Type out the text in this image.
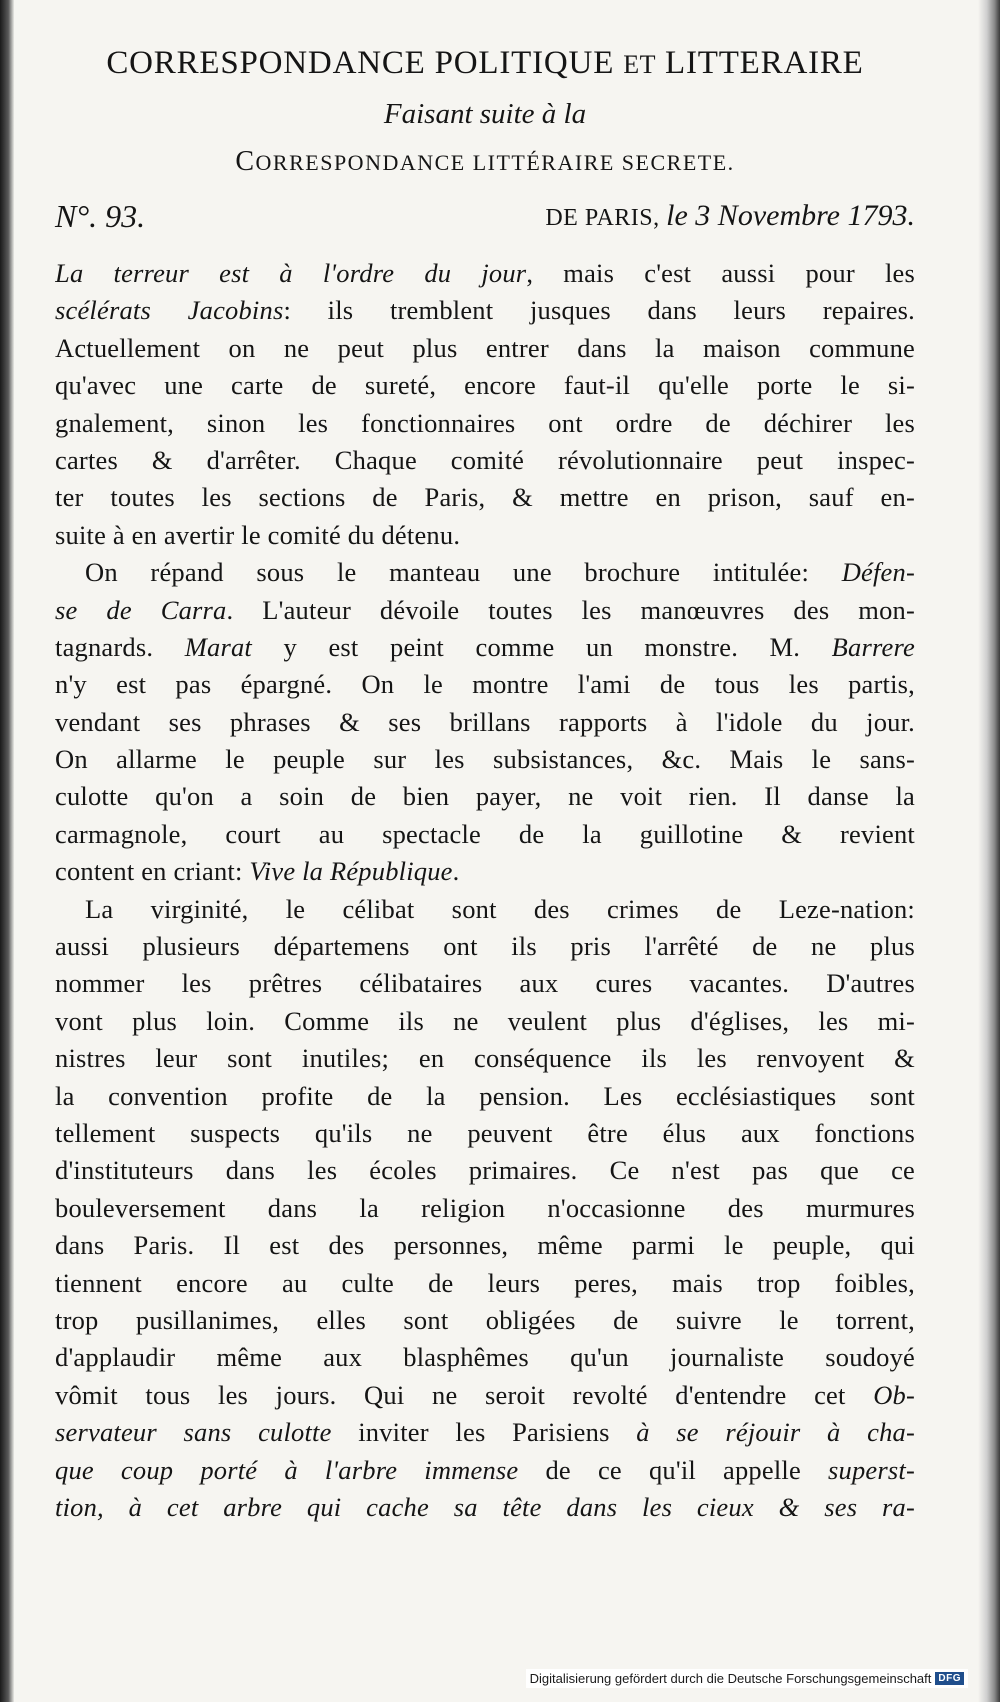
CORRESPONDANCE POLITIQUE ET LITTERAIRE
Faisant suite à la
CORRESPONDANCE LITTÉRAIRE SECRETE.
N°. 93.	DE PARIS, le 3 Novembre 1793.
La terreur est à l'ordre du jour, mais c'est aussi pour les
scélérats Jacobins: ils tremblent jusques dans leurs repaires.
Actuellement on ne peut plus entrer dans la maison commune
qu'avec une carte de sureté, encore faut-il qu'elle porte le si-
gnalement, sinon les fonctionnaires ont ordre de déchirer les
cartes & d'arrêter. Chaque comité révolutionnaire peut inspec-
ter toutes les sections de Paris, & mettre en prison, sauf en-
suite à en avertir le comité du détenu.
On répand sous le manteau une brochure intitulée: Défen-
se de Carra. L'auteur dévoile toutes les manœuvres des mon-
tagnards. Marat y est peint comme un monstre. M. Barrere
n'y est pas épargné. On le montre l'ami de tous les partis,
vendant ses phrases & ses brillans rapports à l'idole du jour.
On allarme le peuple sur les subsistances, &c. Mais le sans-
culotte qu'on a soin de bien payer, ne voit rien. Il danse la
carmagnole, court au spectacle de la guillotine & revient
content en criant: Vive la République.
La virginité, le célibat sont des crimes de Leze-nation:
aussi plusieurs départemens ont ils pris l'arrêté de ne plus
nommer les prêtres célibataires aux cures vacantes. D'autres
vont plus loin. Comme ils ne veulent plus d'églises, les mi-
nistres leur sont inutiles; en conséquence ils les renvoyent &
la convention profite de la pension. Les ecclésiastiques sont
tellement suspects qu'ils ne peuvent être élus aux fonctions
d'instituteurs dans les écoles primaires. Ce n'est pas que ce
bouleversement dans la religion n'occasionne des murmures
dans Paris. Il est des personnes, même parmi le peuple, qui
tiennent encore au culte de leurs peres, mais trop foibles,
trop pusillanimes, elles sont obligées de suivre le torrent,
d'applaudir même aux blasphêmes qu'un journaliste soudoyé
vômit tous les jours. Qui ne seroit revolté d'entendre cet Ob-
servateur sans culotte inviter les Parisiens à se réjouir à cha-
que coup porté à l'arbre immense de ce qu'il appelle superst-
tion, à cet arbre qui cache sa tête dans les cieux & ses ra-
Digitalisierung gefördert durch die Deutsche Forschungsgemeinschaft DFG
